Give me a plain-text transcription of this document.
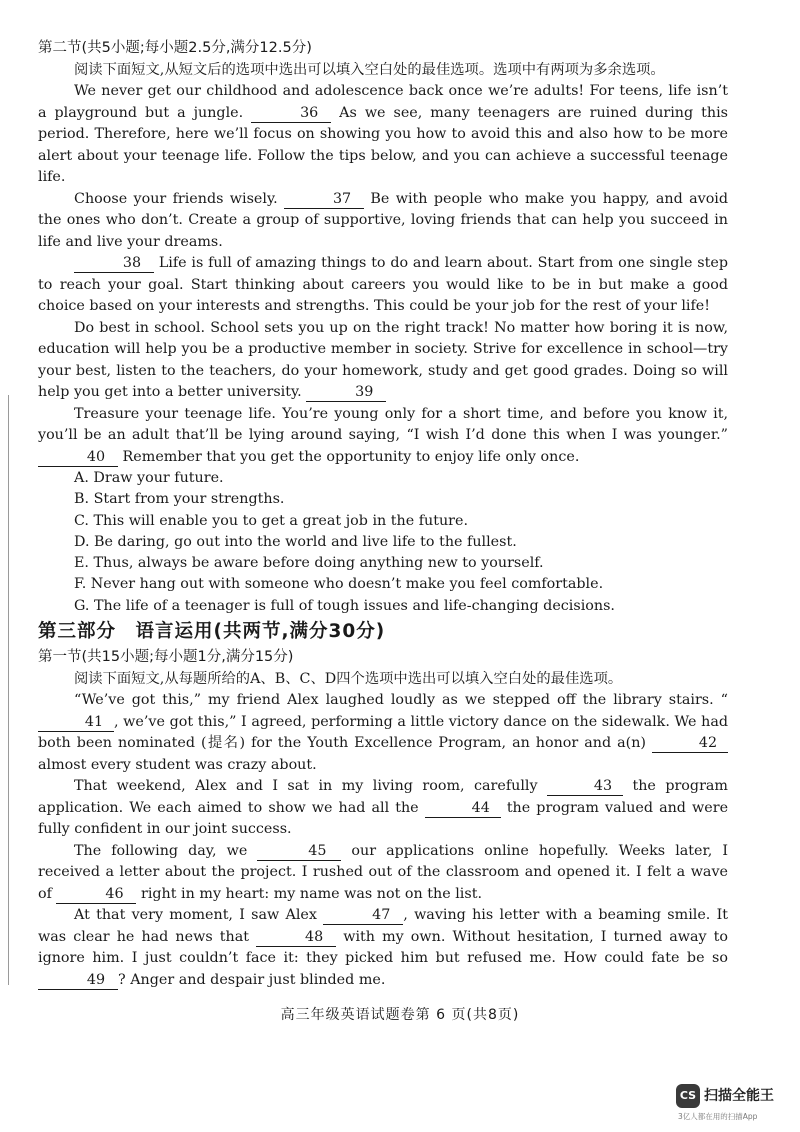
第二节(共5小题;每小题2.5分,满分12.5分)

阅读下面短文,从短文后的选项中选出可以填入空白处的最佳选项。选项中有两项为多余选项。

We never get our childhood and adolescence back once we’re adults! For teens, life isn’t a playground but a jungle.	36 As we see, many teenagers are ruined during this period. Therefore, here we’ll focus on showing you how to avoid this and also how to be more alert about your teenage life. Follow the tips below, and you can achieve a successful teenage life.

Choose your friends wisely.	37 Be with people who make you happy, and avoid the ones who don’t. Create a group of supportive, loving friends that can help you succeed in life and live your dreams.

38 Life is full of amazing things to do and learn about. Start from one single step to reach your goal. Start thinking about careers you would like to be in but make a good choice based on your interests and strengths. This could be your job for the rest of your life!

Do best in school. School sets you up on the right track! No matter how boring it is now, education will help you be a productive member in society. Strive for excellence in school—try your best, listen to the teachers, do your homework, study and get good grades. Doing so will help you get into a better university.	39

Treasure your teenage life. You’re young only for a short time, and before you know it, you’ll be an adult that’ll be lying around saying, “I wish I’d done this when I was younger.” 40 Remember that you get the opportunity to enjoy life only once.

A. Draw your future.
B. Start from your strengths.
C. This will enable you to get a great job in the future.
D. Be daring, go out into the world and live life to the fullest.
E. Thus, always be aware before doing anything new to yourself.
F. Never hang out with someone who doesn’t make you feel comfortable.
G. The life of a teenager is full of tough issues and life-changing decisions.

第三部分　语言运用(共两节,满分30分)

第一节(共15小题;每小题1分,满分15分)

阅读下面短文,从每题所给的A、B、C、D四个选项中选出可以填入空白处的最佳选项。

“We’ve got this,” my friend Alex laughed loudly as we stepped off the library stairs. “41 , we’ve got this,” I agreed, performing a little victory dance on the sidewalk. We had both been nominated (提名) for the Youth Excellence Program, an honor and a(n)	42 almost every student was crazy about.

That weekend, Alex and I sat in my living room, carefully	43 the program application. We each aimed to show we had all the	44 the program valued and were fully confident in our joint success.

The following day, we	45 our applications online hopefully. Weeks later, I received a letter about the project. I rushed out of the classroom and opened it. I felt a wave of	46 right in my heart: my name was not on the list.

At that very moment, I saw Alex	47 , waving his letter with a beaming smile. It was clear he had news that	48 with my own. Without hesitation, I turned away to ignore him. I just couldn’t face it: they picked him but refused me. How could fate be so 49 ? Anger and despair just blinded me.

高三年级英语试题卷第 6 页(共8页)
CS 扫描全能王
3亿人都在用的扫描App
